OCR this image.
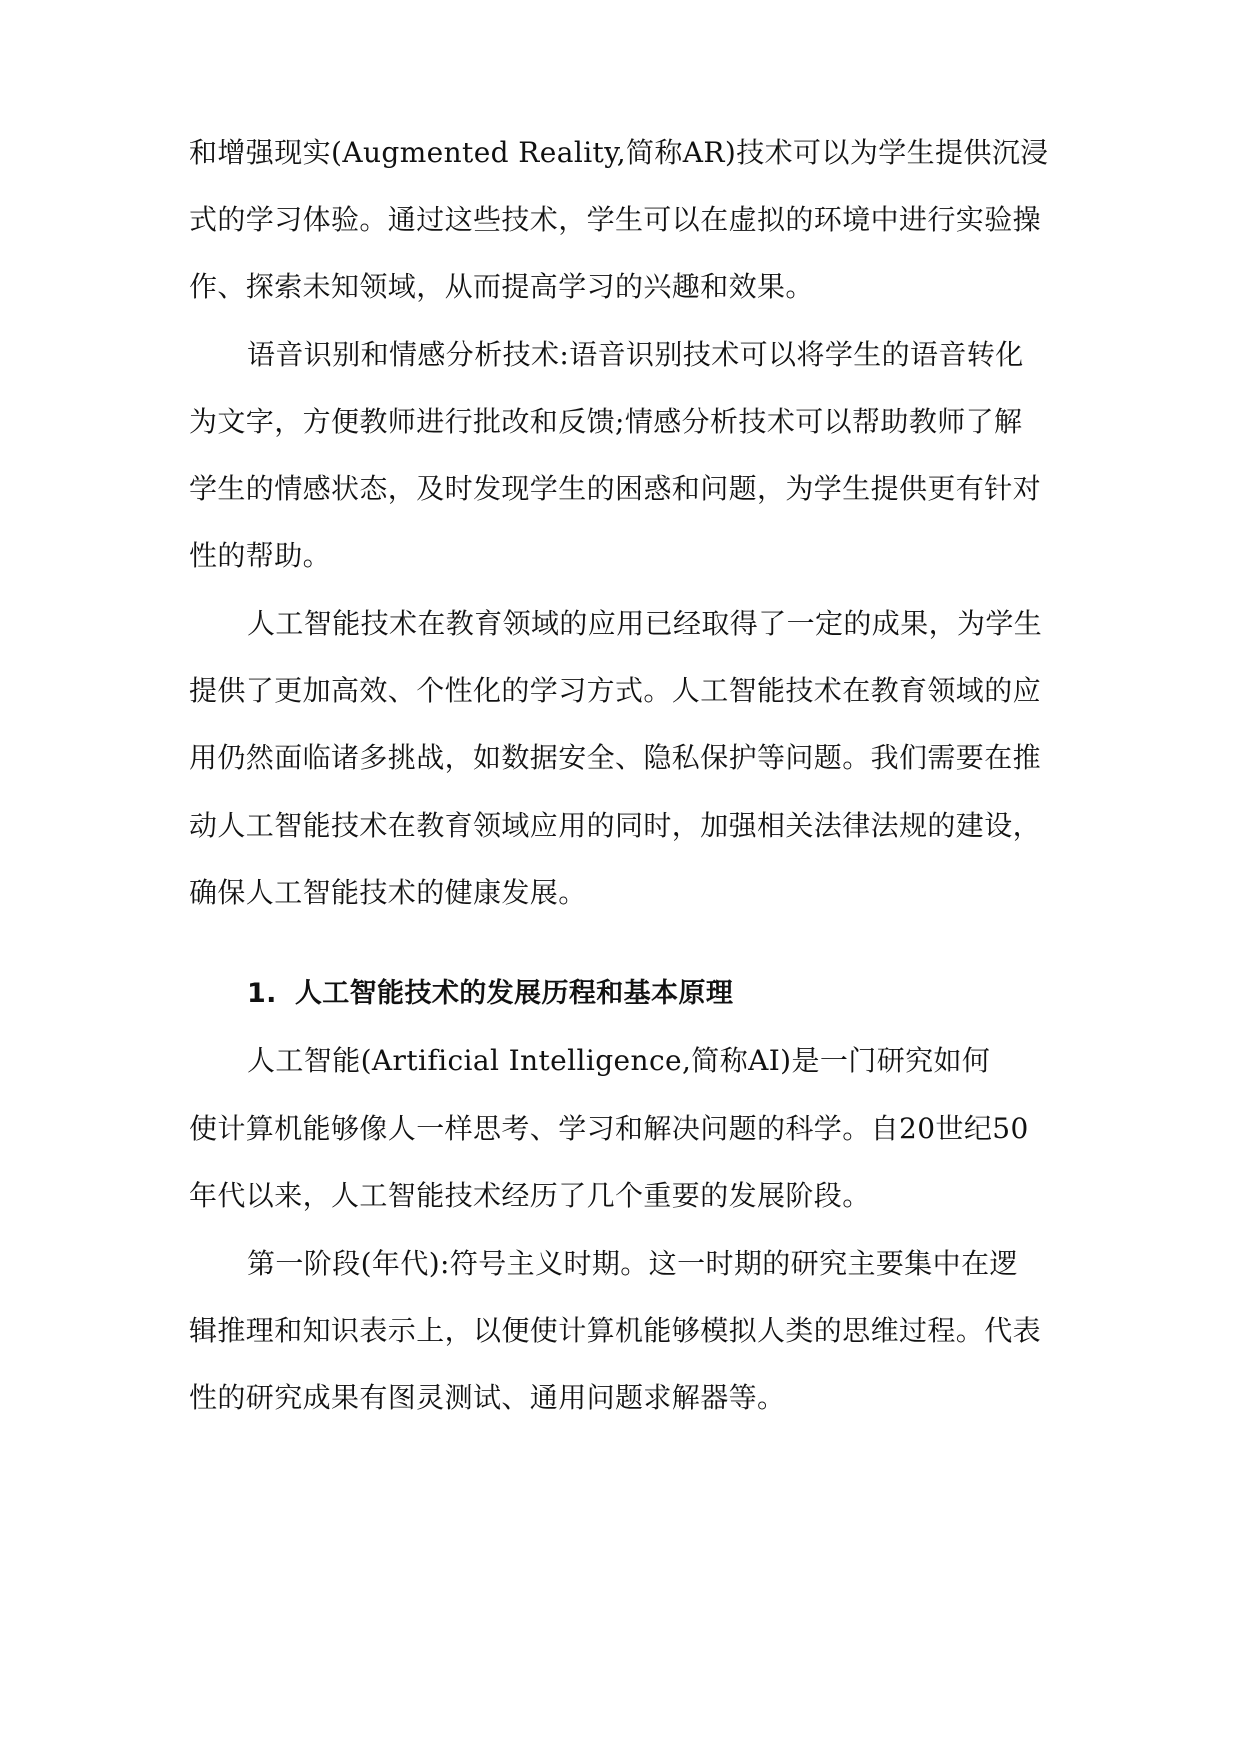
和增强现实(Augmented Reality,简称AR)技术可以为学生提供沉浸
式的学习体验。通过这些技术，学生可以在虚拟的环境中进行实验操
作、探索未知领域，从而提高学习的兴趣和效果。
语音识别和情感分析技术:语音识别技术可以将学生的语音转化
为文字，方便教师进行批改和反馈;情感分析技术可以帮助教师了解
学生的情感状态，及时发现学生的困惑和问题，为学生提供更有针对
性的帮助。
人工智能技术在教育领域的应用已经取得了一定的成果，为学生
提供了更加高效、个性化的学习方式。人工智能技术在教育领域的应
用仍然面临诸多挑战，如数据安全、隐私保护等问题。我们需要在推
动人工智能技术在教育领域应用的同时，加强相关法律法规的建设，
确保人工智能技术的健康发展。
1. 人工智能技术的发展历程和基本原理
人工智能(Artificial Intelligence,简称AI)是一门研究如何
使计算机能够像人一样思考、学习和解决问题的科学。自20世纪50
年代以来，人工智能技术经历了几个重要的发展阶段。
第一阶段(年代):符号主义时期。这一时期的研究主要集中在逻
辑推理和知识表示上，以便使计算机能够模拟人类的思维过程。代表
性的研究成果有图灵测试、通用问题求解器等。
